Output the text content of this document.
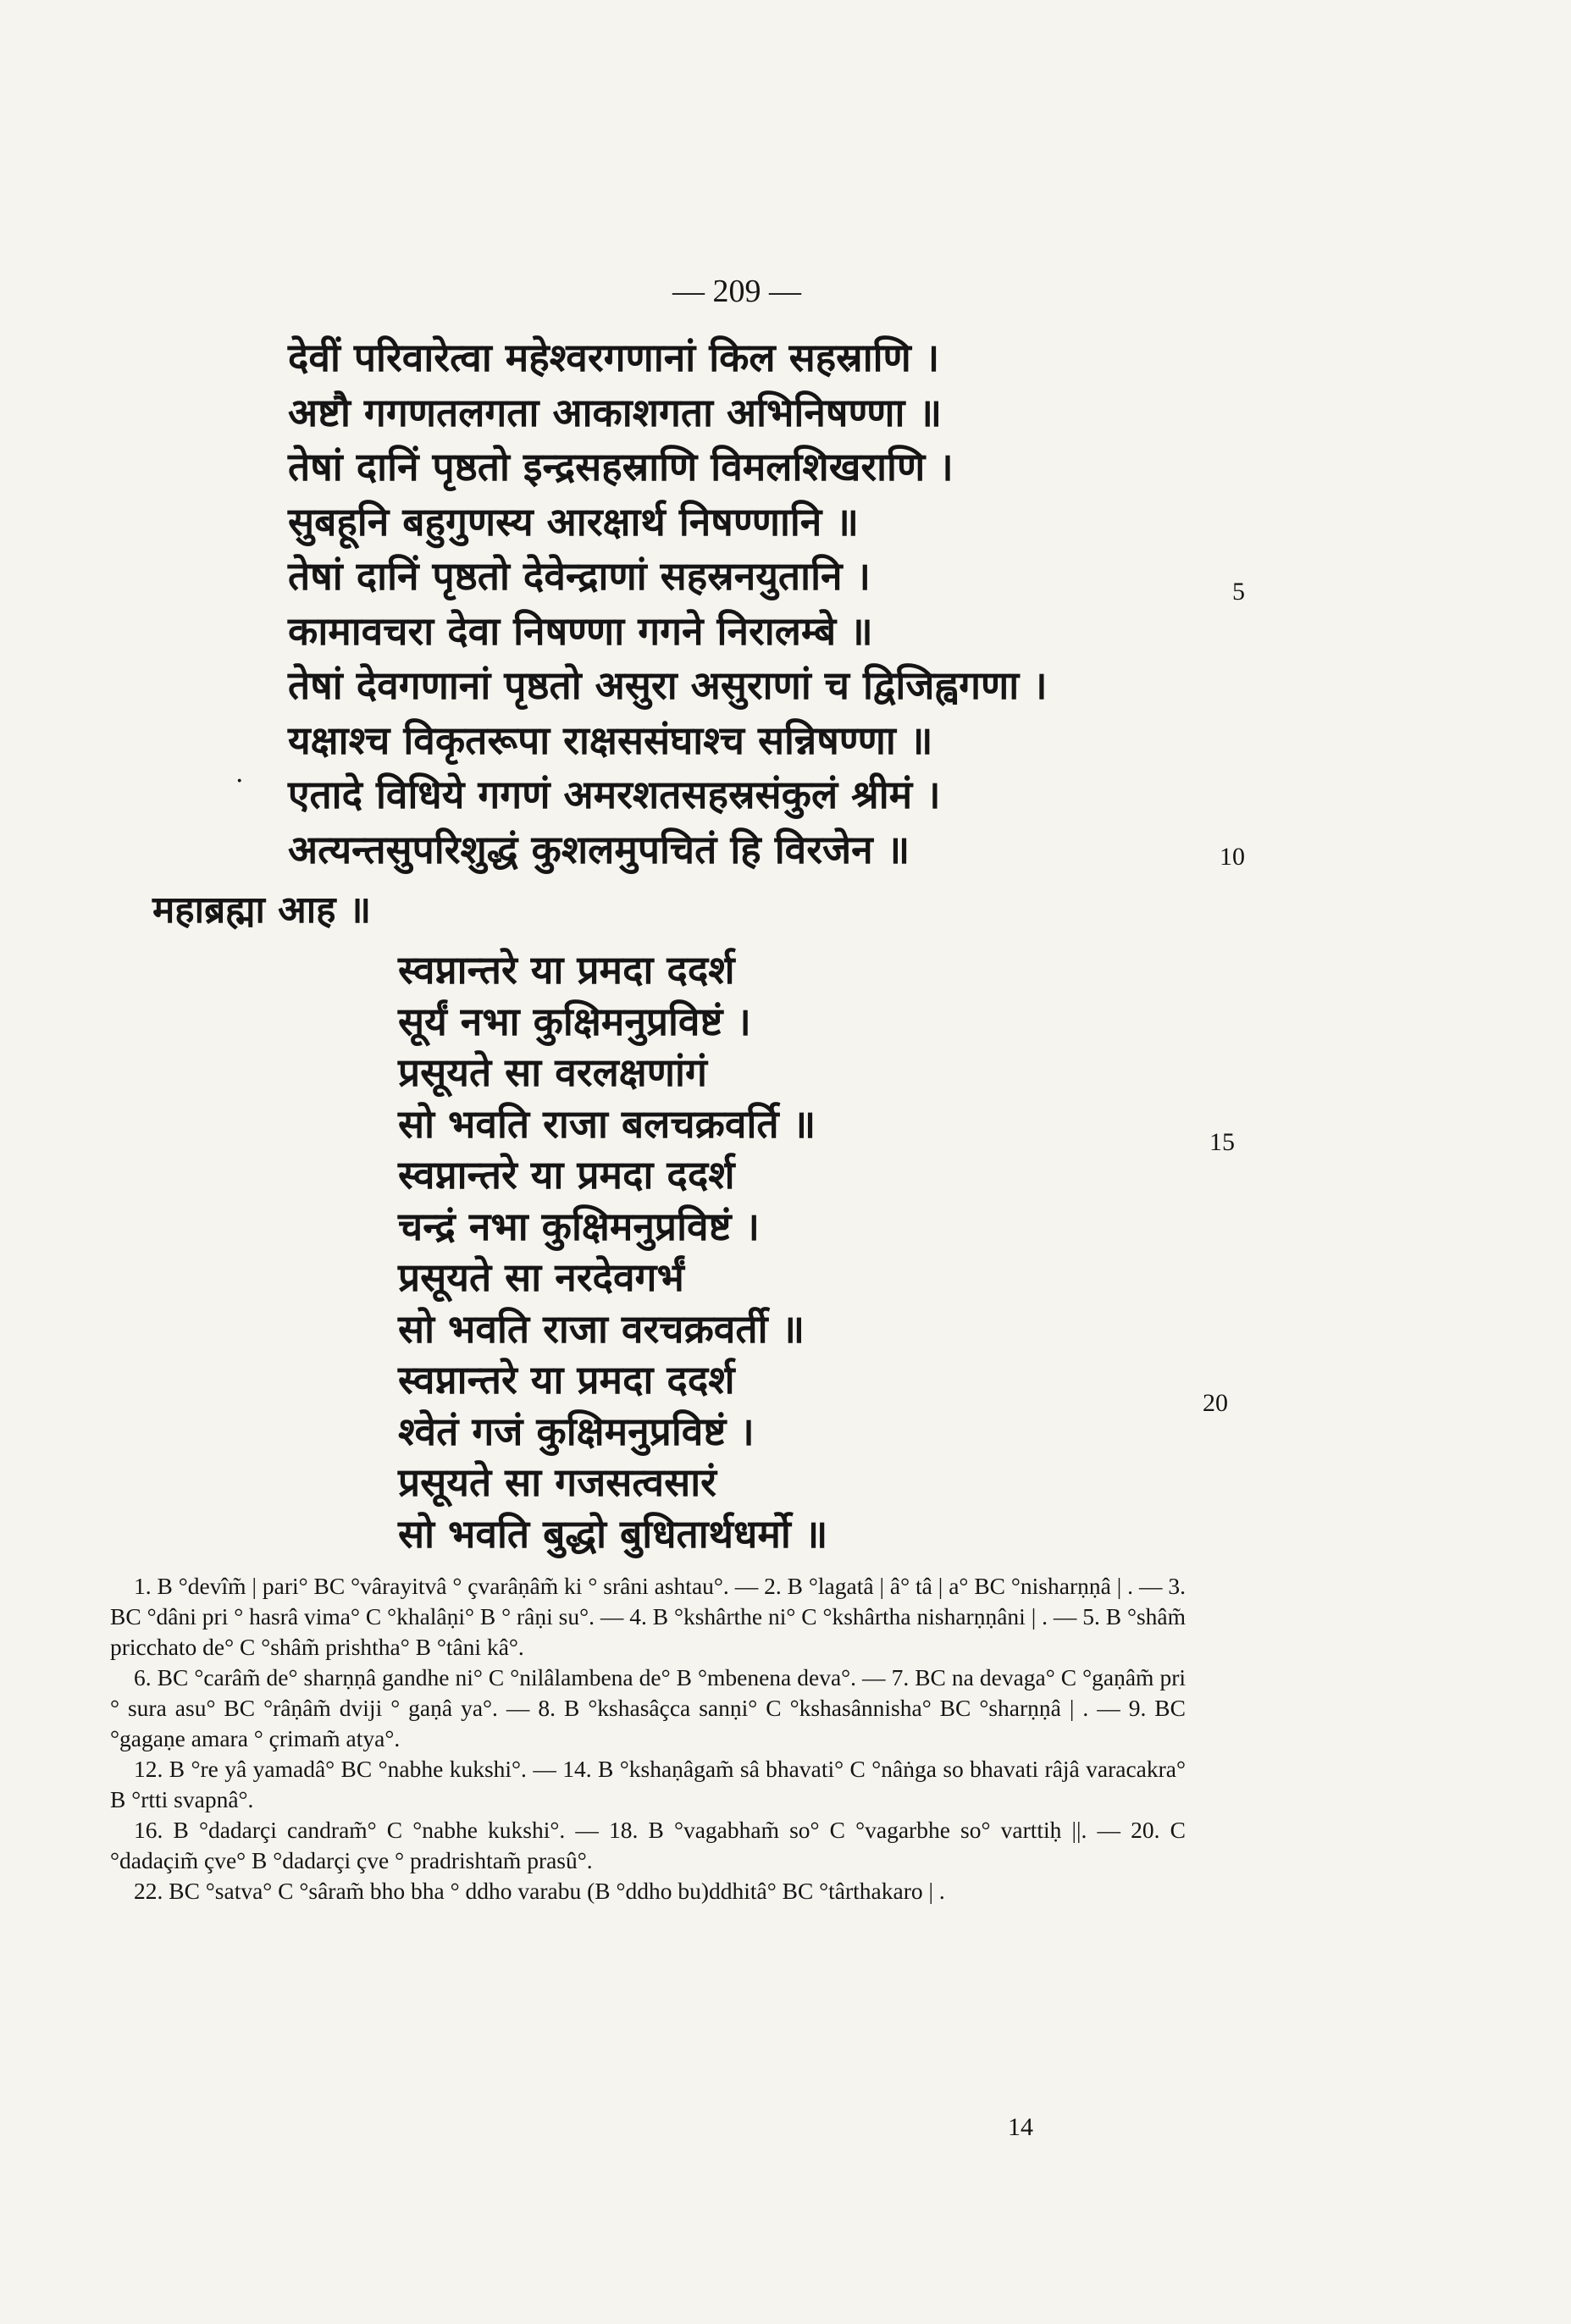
— 209 —
देवीं परिवारेत्वा महेश्वरगणानां किल सहस्राणि ।
अष्टौ गगणतलगता आकाशगता अभिनिषण्णा ॥
तेषां दानिं पृष्ठतो इन्द्रसहस्राणि विमलशिखराणि ।
सुबहूनि बहुगुणस्य आरक्षार्थ निषण्णानि ॥
तेषां दानिं पृष्ठतो देवेन्द्राणां सहस्रनयुतानि ।
कामावचरा देवा निषण्णा गगने निरालम्बे ॥
तेषां देवगणानां पृष्ठतो असुरा असुराणां च द्विजिह्वगणा ।
यक्षाश्च विकृतरूपा राक्षससंघाश्च सन्निषण्णा ॥
एतादे विधिये गगणं अमरशतसहस्रसंकुलं श्रीमं ।
अत्यन्तसुपरिशुद्धं कुशलमुपचितं हि विरजेन ॥
·
महाब्रह्मा आह ॥
स्वप्नान्तरे या प्रमदा ददर्श
सूर्यं नभा कुक्षिमनुप्रविष्टं ।
प्रसूयते सा वरलक्षणांगं
सो भवति राजा बलचक्रवर्ति ॥
स्वप्नान्तरे या प्रमदा ददर्श
चन्द्रं नभा कुक्षिमनुप्रविष्टं ।
प्रसूयते सा नरदेवगर्भं
सो भवति राजा वरचक्रवर्ती ॥
स्वप्नान्तरे या प्रमदा ददर्श
श्वेतं गजं कुक्षिमनुप्रविष्टं ।
प्रसूयते सा गजसत्वसारं
सो भवति बुद्धो बुधितार्थधर्मो ॥
5
10
15
20

1. B °devîm̃ | pari° BC °vârayitvâ ° çvarâṇâm̃ ki ° srâni ashtau°. — 2. B °lagatâ | â° tâ | a° BC °nisharṇṇâ | . — 3. BC °dâni pri ° hasrâ vima° C °khalâṇi° B ° râṇi su°. — 4. B °kshârthe ni° C °kshârtha nisharṇṇâni | . — 5. B °shâm̃ pricchato de° C °shâm̃ prishtha° B °tâni kâ°.

6. BC °carâm̃ de° sharṇṇâ gandhe ni° C °nilâlambena de° B °mbenena deva°. — 7. BC na devaga° C °gaṇâm̃ pri ° sura asu° BC °râṇâm̃ dviji ° gaṇâ ya°. — 8. B °kshasâçca sanṇi° C °kshasânnisha° BC °sharṇṇâ | . — 9. BC °gagaṇe amara ° çrimam̃ atya°.

12. B °re yâ yamadâ° BC °nabhe kukshi°. — 14. B °kshaṇâgam̃ sâ bhavati° C °nâṅga so bhavati râjâ varacakra° B °rtti svapnâ°.

16. B °dadarçi candram̃° C °nabhe kukshi°. — 18. B °vagabham̃ so° C °vagarbhe so° varttiḥ ||. — 20. C °dadaçim̃ çve° B °dadarçi çve ° pradrishtam̃ prasû°.

22. BC °satva° C °sâram̃ bho bha ° ddho varabu (B °ddho bu)ddhitâ° BC °târthakaro | .

14
